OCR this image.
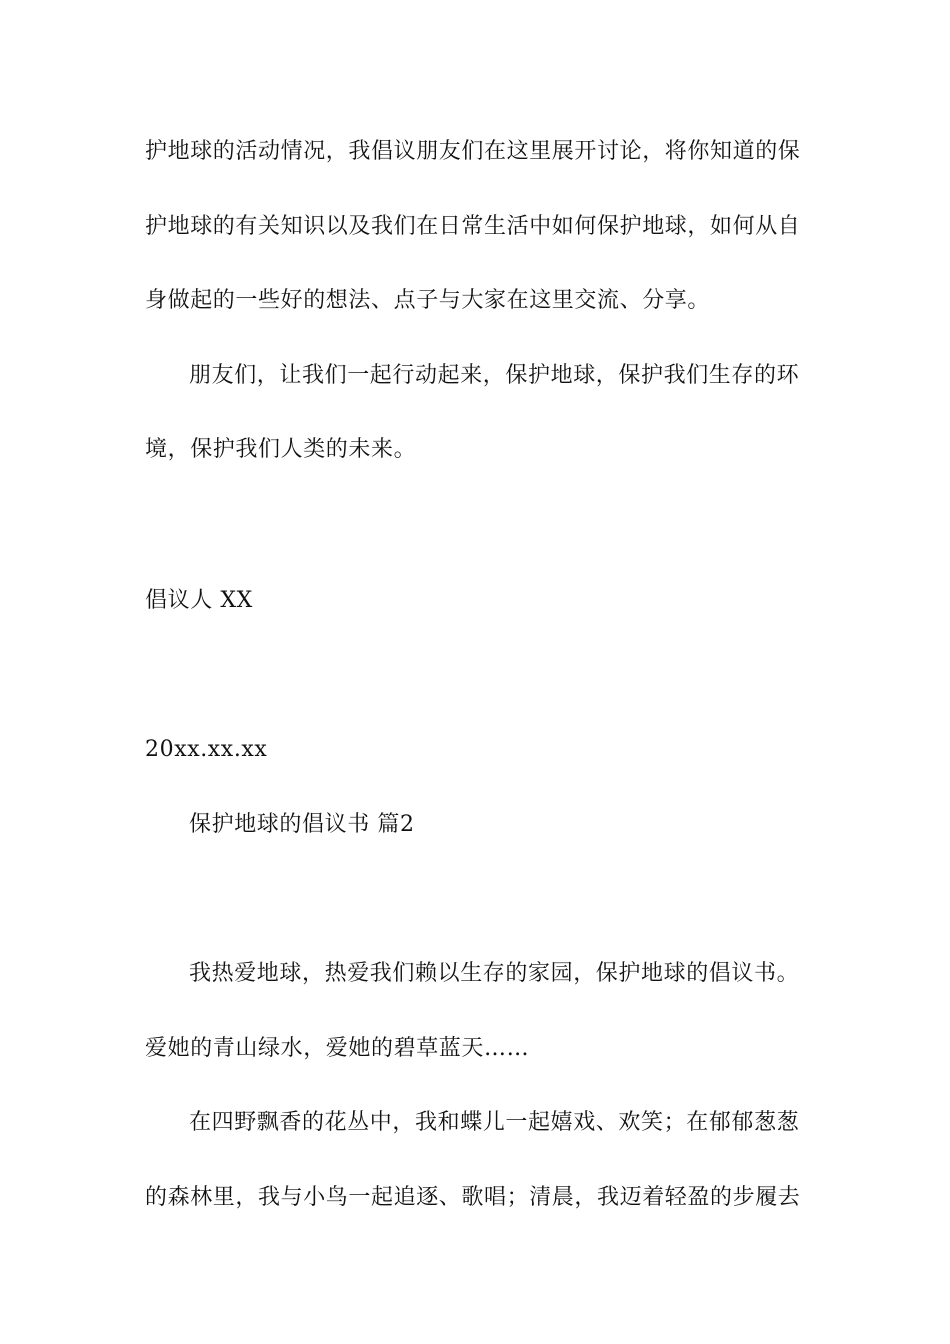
护地球的活动情况，我倡议朋友们在这里展开讨论，将你知道的保
护地球的有关知识以及我们在日常生活中如何保护地球，如何从自
身做起的一些好的想法、点子与大家在这里交流、分享。
朋友们，让我们一起行动起来，保护地球，保护我们生存的环
境，保护我们人类的未来。
倡议人 XX
20xx.xx.xx
保护地球的倡议书 篇2
我热爱地球，热爱我们赖以生存的家园，保护地球的倡议书。
爱她的青山绿水，爱她的碧草蓝天……
在四野飘香的花丛中，我和蝶儿一起嬉戏、欢笑；在郁郁葱葱
的森林里，我与小鸟一起追逐、歌唱；清晨，我迈着轻盈的步履去
